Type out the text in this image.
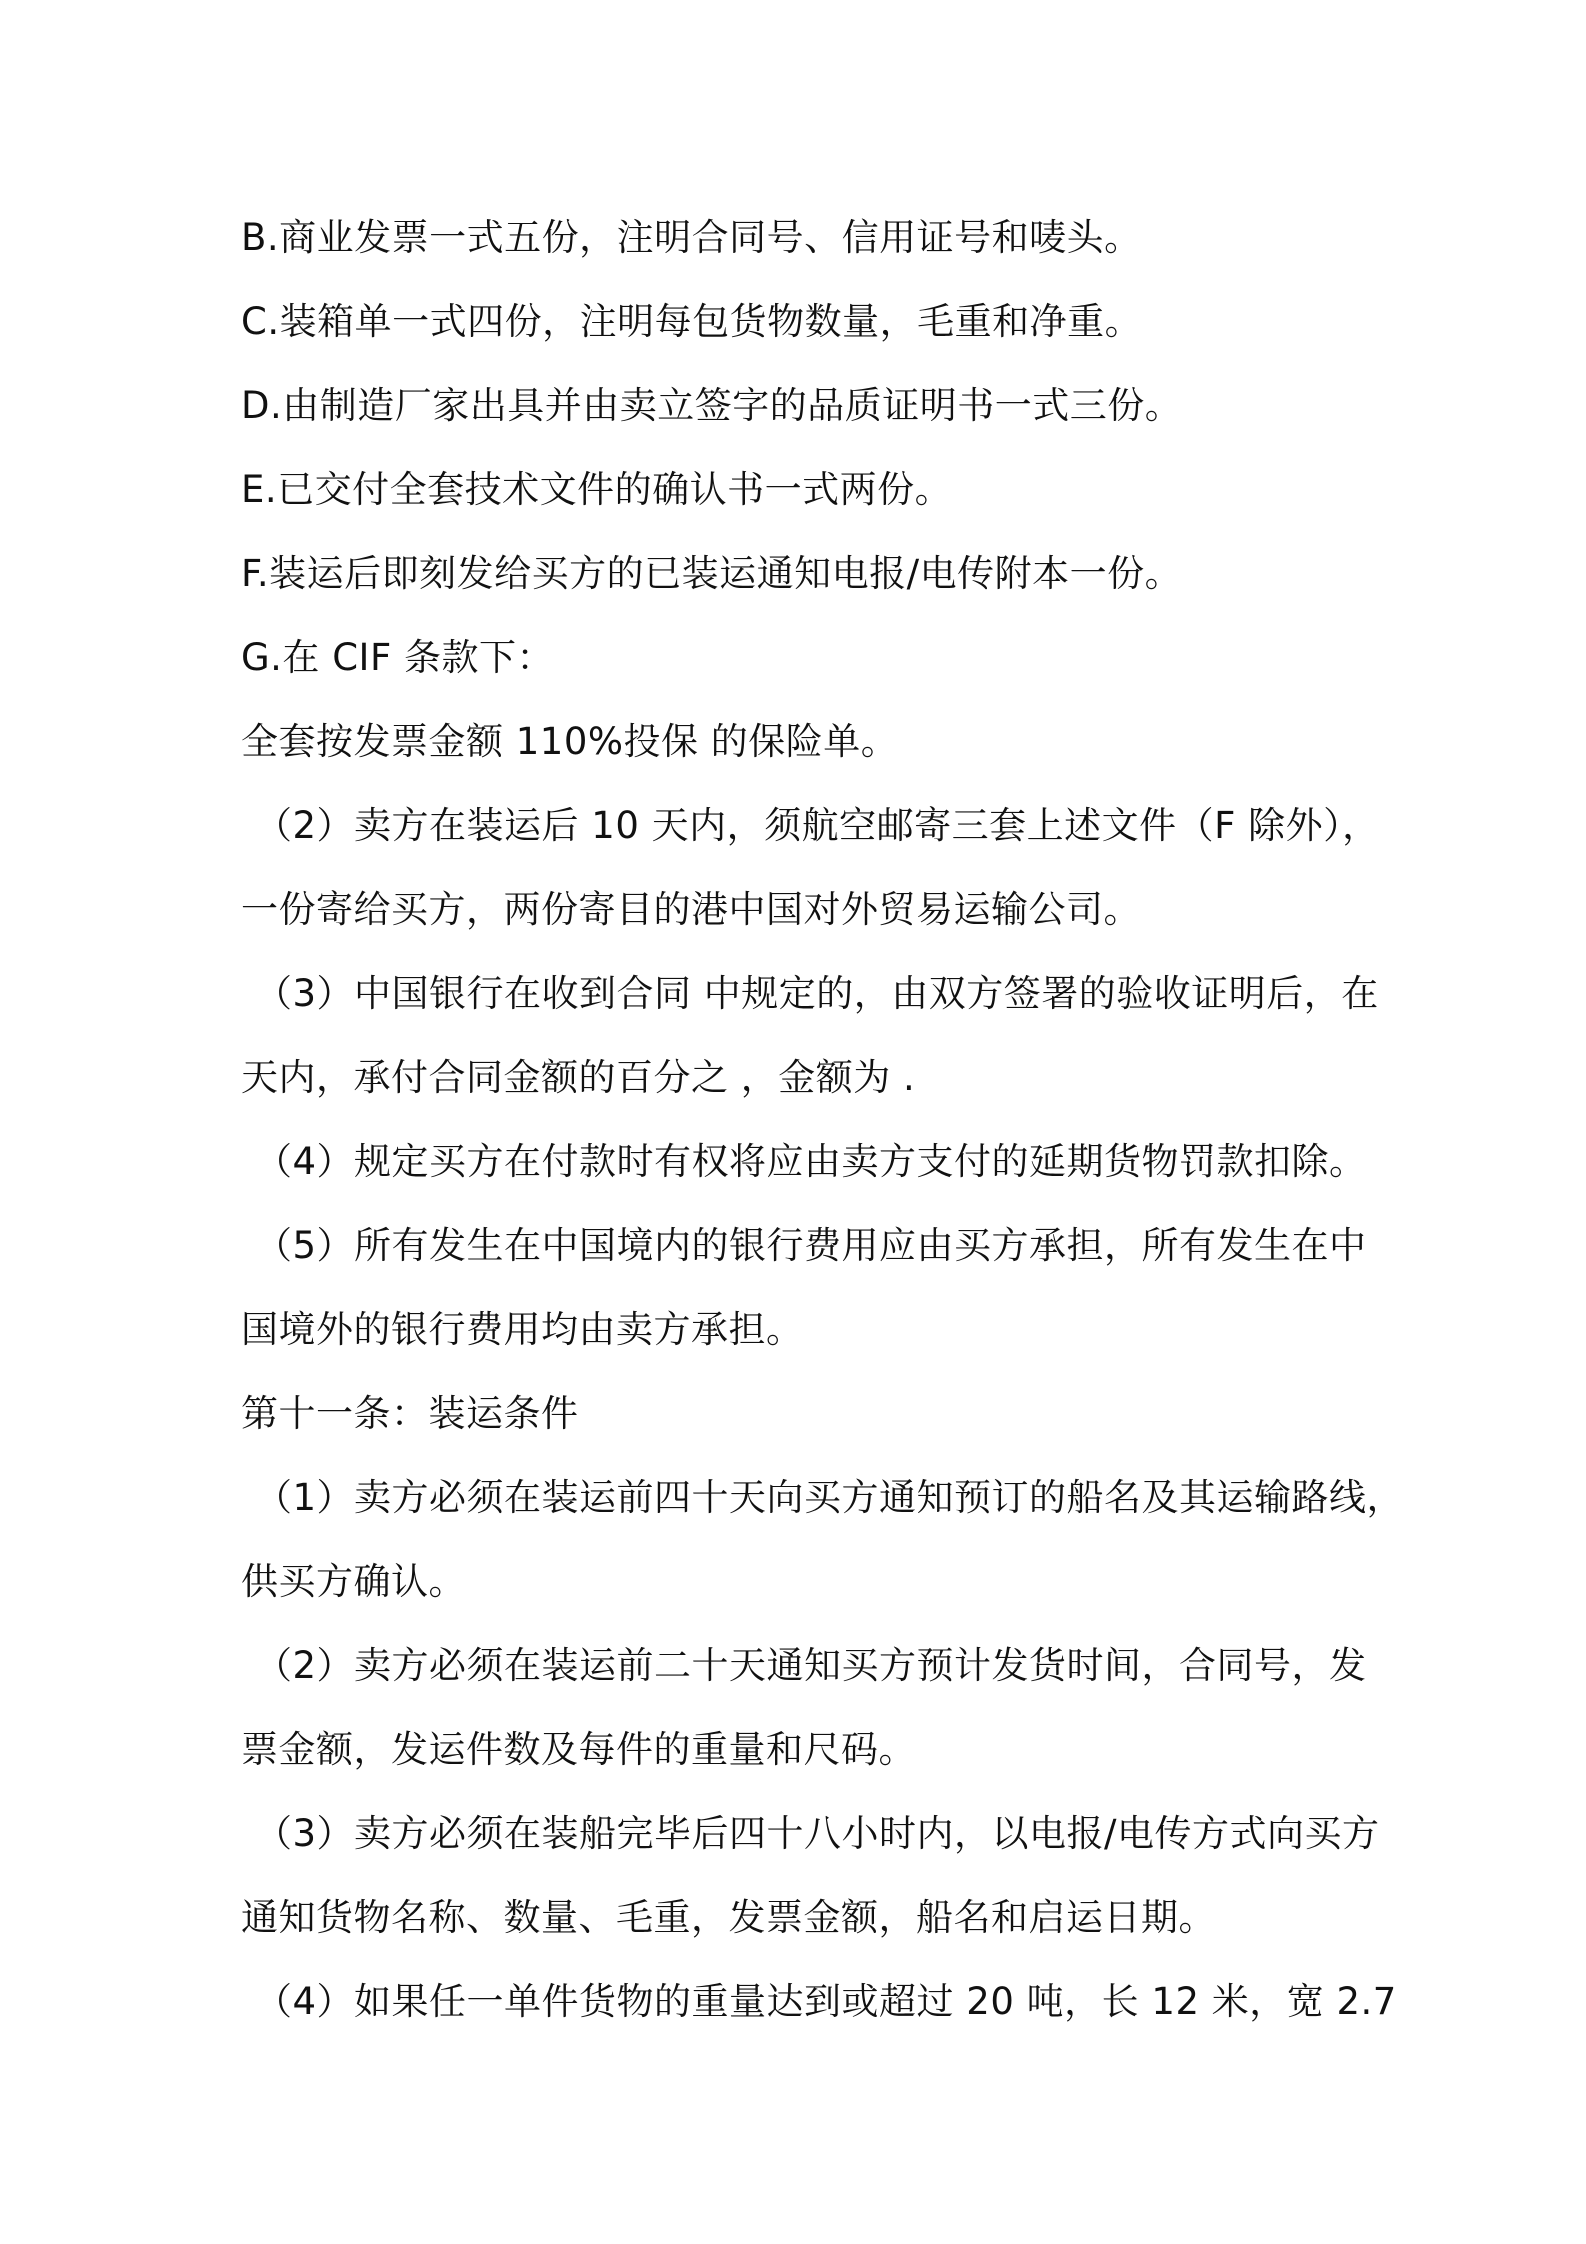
B.商业发票一式五份，注明合同号、信用证号和唛头。
C.装箱单一式四份，注明每包货物数量，毛重和净重。
D.由制造厂家出具并由卖立签字的品质证明书一式三份。
E.已交付全套技术文件的确认书一式两份。
F.装运后即刻发给买方的已装运通知电报/电传附本一份。
G.在 CIF 条款下：
全套按发票金额 110%投保 的保险单。
（2）卖方在装运后 10 天内，须航空邮寄三套上述文件（F 除外），
一份寄给买方，两份寄目的港中国对外贸易运输公司。
（3）中国银行在收到合同 中规定的，由双方签署的验收证明后，在
天内，承付合同金额的百分之 ，金额为 .
（4）规定买方在付款时有权将应由卖方支付的延期货物罚款扣除。
（5）所有发生在中国境内的银行费用应由买方承担，所有发生在中
国境外的银行费用均由卖方承担。
第十一条：装运条件
（1）卖方必须在装运前四十天向买方通知预订的船名及其运输路线，
供买方确认。
（2）卖方必须在装运前二十天通知买方预计发货时间，合同号，发
票金额，发运件数及每件的重量和尺码。
（3）卖方必须在装船完毕后四十八小时内，以电报/电传方式向买方
通知货物名称、数量、毛重，发票金额，船名和启运日期。
（4）如果任一单件货物的重量达到或超过 20 吨，长 12 米，宽 2.7
